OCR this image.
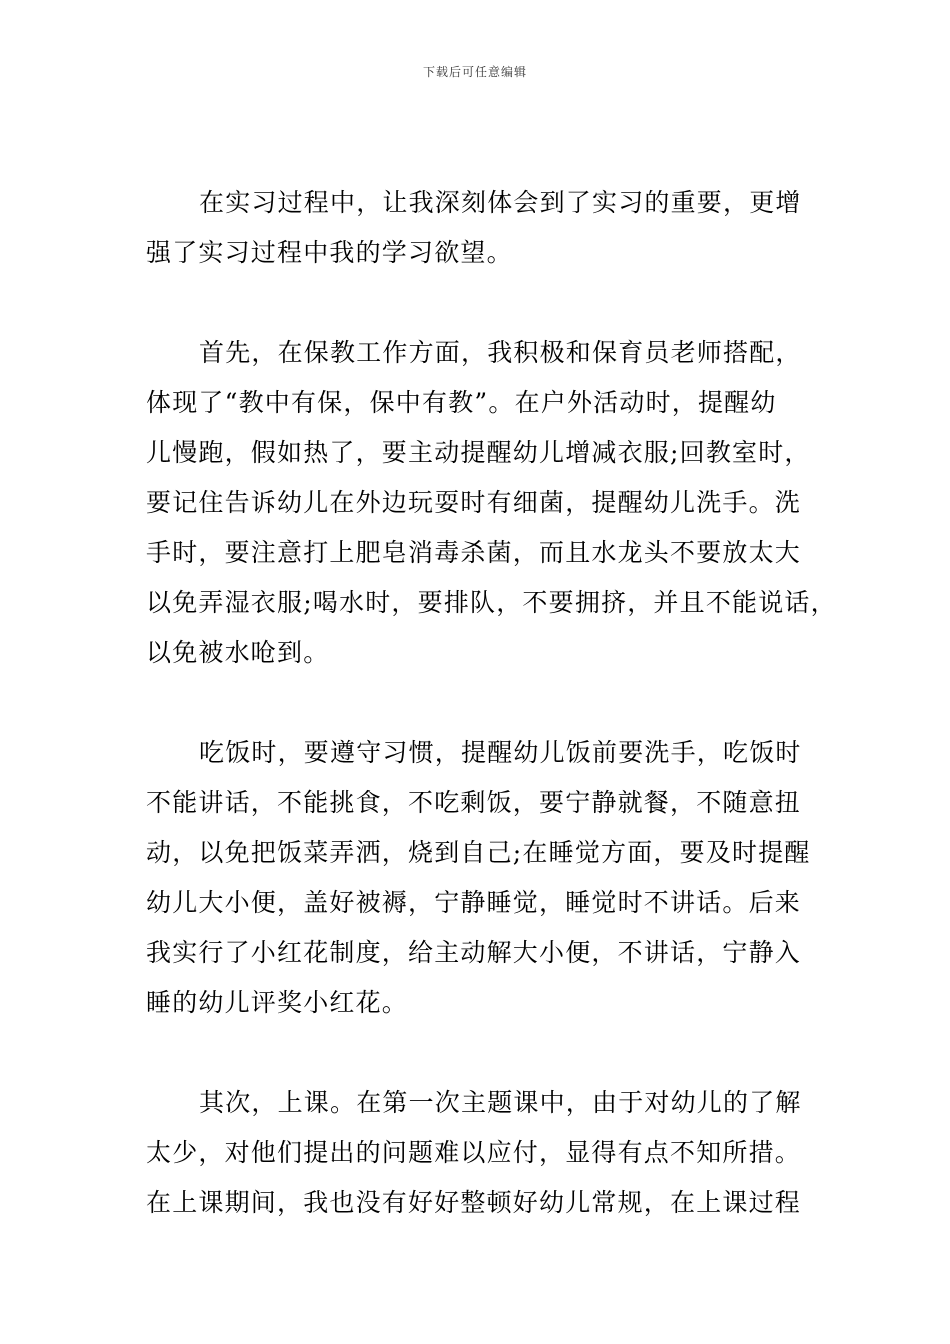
下载后可任意编辑

在实习过程中，让我深刻体会到了实习的重要，更增
强了实习过程中我的学习欲望。

首先，在保教工作方面，我积极和保育员老师搭配，
体现了“教中有保，保中有教”。在户外活动时，提醒幼
儿慢跑，假如热了，要主动提醒幼儿增减衣服;回教室时，
要记住告诉幼儿在外边玩耍时有细菌，提醒幼儿洗手。洗
手时，要注意打上肥皂消毒杀菌，而且水龙头不要放太大
以免弄湿衣服;喝水时，要排队，不要拥挤，并且不能说话，
以免被水呛到。

吃饭时，要遵守习惯，提醒幼儿饭前要洗手，吃饭时
不能讲话，不能挑食，不吃剩饭，要宁静就餐，不随意扭
动，以免把饭菜弄洒，烧到自己;在睡觉方面，要及时提醒
幼儿大小便，盖好被褥，宁静睡觉，睡觉时不讲话。后来
我实行了小红花制度，给主动解大小便，不讲话，宁静入
睡的幼儿评奖小红花。

其次，上课。在第一次主题课中，由于对幼儿的了解
太少，对他们提出的问题难以应付，显得有点不知所措。
在上课期间，我也没有好好整顿好幼儿常规，在上课过程
